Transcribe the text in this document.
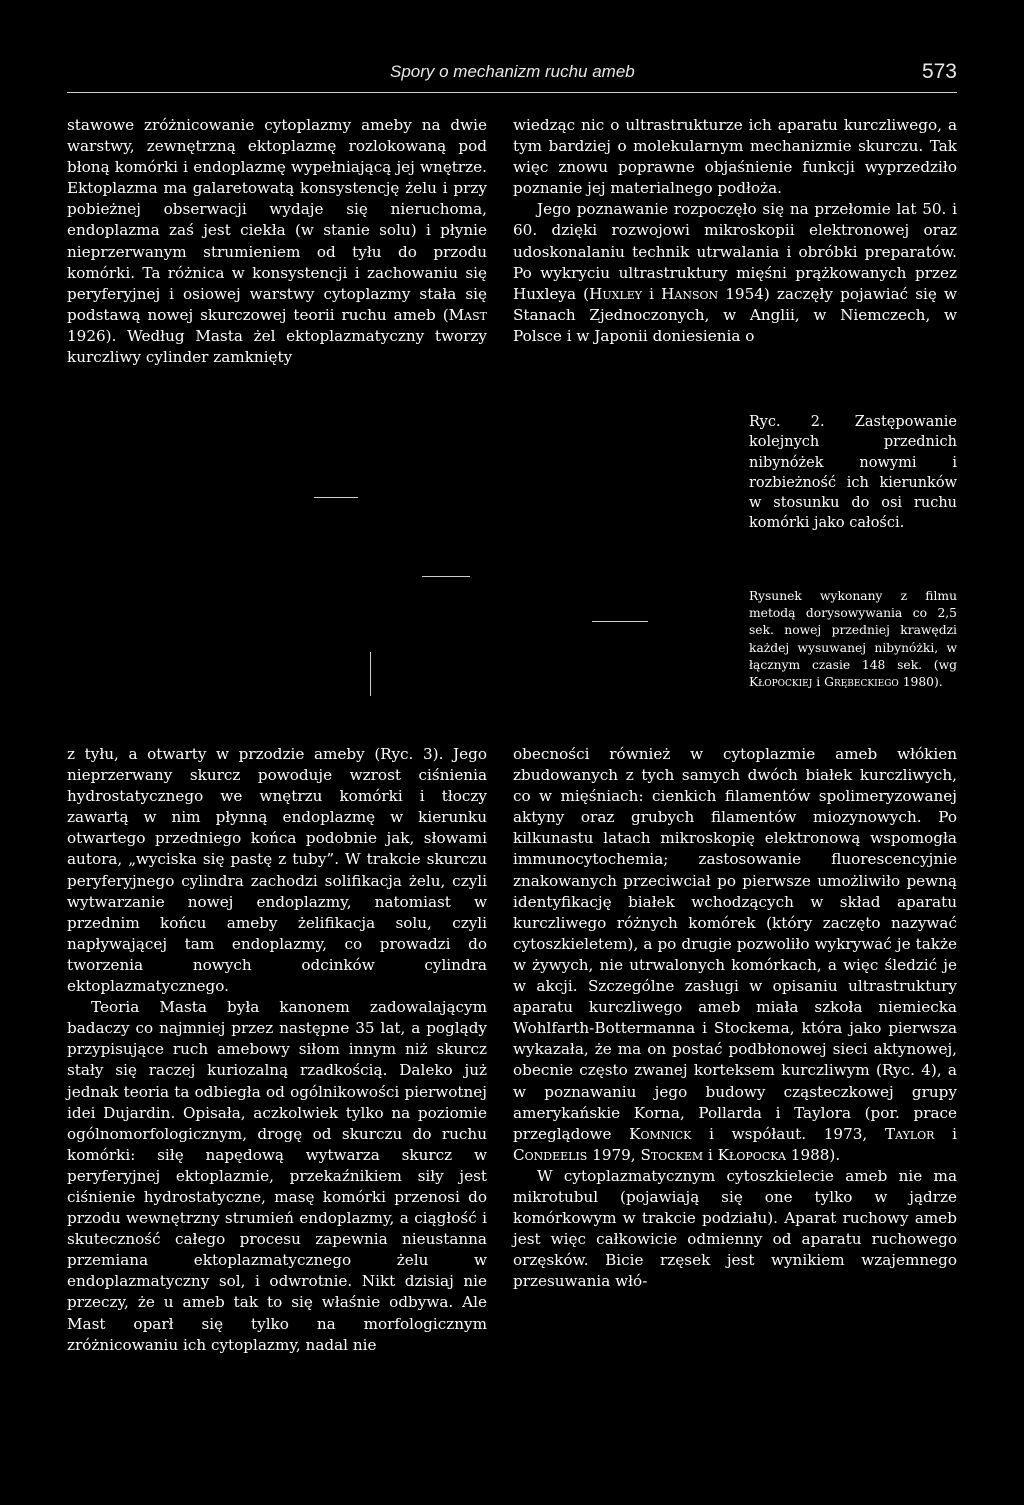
Spory o mechanizm ruchu ameb	573

stawowe zróżnicowanie cytoplazmy ameby na dwie warstwy, zewnętrzną ektoplazmę rozlokowaną pod błoną komórki i endoplazmę wypełniającą jej wnętrze. Ektoplazma ma galaretowatą konsystencję żelu i przy pobieżnej obserwacji wydaje się nieruchoma, endoplazma zaś jest ciekła (w stanie solu) i płynie nieprzerwanym strumieniem od tyłu do przodu komórki. Ta różnica w konsystencji i zachowaniu się peryferyjnej i osiowej warstwy cytoplazmy stała się podstawą nowej skurczowej teorii ruchu ameb (Mast 1926). Według Masta żel ektoplazmatyczny tworzy kurczliwy cylinder zamknięty

wiedząc nic o ultrastrukturze ich aparatu kurczliwego, a tym bardziej o molekularnym mechanizmie skurczu. Tak więc znowu poprawne objaśnienie funkcji wyprzedziło poznanie jej materialnego podłoża.

Jego poznawanie rozpoczęło się na przełomie lat 50. i 60. dzięki rozwojowi mikroskopii elektronowej oraz udoskonalaniu technik utrwalania i obróbki preparatów. Po wykryciu ultrastruktury mięśni prążkowanych przez Huxleya (Huxley i Hanson 1954) zaczęły pojawiać się w Stanach Zjednoczonych, w Anglii, w Niemczech, w Polsce i w Japonii doniesienia o

Ryc. 2. Zastępowanie kolejnych przednich nibynóżek nowymi i rozbieżność ich kierunków w stosunku do osi ruchu komórki jako całości.

Rysunek wykonany z filmu metodą dorysowywania co 2,5 sek. nowej przedniej krawędzi każdej wysuwanej nibynóżki, w łącznym czasie 148 sek. (wg Kłopockiej i Grębeckiego 1980).

z tyłu, a otwarty w przodzie ameby (Ryc. 3). Jego nieprzerwany skurcz powoduje wzrost ciśnienia hydrostatycznego we wnętrzu komórki i tłoczy zawartą w nim płynną endoplazmę w kierunku otwartego przedniego końca podobnie jak, słowami autora, „wyciska się pastę z tuby”. W trakcie skurczu peryferyjnego cylindra zachodzi solifikacja żelu, czyli wytwarzanie nowej endoplazmy, natomiast w przednim końcu ameby żelifikacja solu, czyli napływającej tam endoplazmy, co prowadzi do tworzenia nowych odcinków cylindra ektoplazmatycznego.

Teoria Masta była kanonem zadowalającym badaczy co najmniej przez następne 35 lat, a poglądy przypisujące ruch amebowy siłom innym niż skurcz stały się raczej kuriozalną rzadkością. Daleko już jednak teoria ta odbiegła od ogólnikowości pierwotnej idei Dujardin. Opisała, aczkolwiek tylko na poziomie ogólnomorfologicznym, drogę od skurczu do ruchu komórki: siłę napędową wytwarza skurcz w peryferyjnej ektoplazmie, przekaźnikiem siły jest ciśnienie hydrostatyczne, masę komórki przenosi do przodu wewnętrzny strumień endoplazmy, a ciągłość i skuteczność całego procesu zapewnia nieustanna przemiana ektoplazmatycznego żelu w endoplazmatyczny sol, i odwrotnie. Nikt dzisiaj nie przeczy, że u ameb tak to się właśnie odbywa. Ale Mast oparł się tylko na morfologicznym zróżnicowaniu ich cytoplazmy, nadal nie

obecności również w cytoplazmie ameb włókien zbudowanych z tych samych dwóch białek kurczliwych, co w mięśniach: cienkich filamentów spolimeryzowanej aktyny oraz grubych filamentów miozynowych. Po kilkunastu latach mikroskopię elektronową wspomogła immunocytochemia; zastosowanie fluorescencyjnie znakowanych przeciwciał po pierwsze umożliwiło pewną identyfikację białek wchodzących w skład aparatu kurczliwego różnych komórek (który zaczęto nazywać cytoszkieletem), a po drugie pozwoliło wykrywać je także w żywych, nie utrwalonych komórkach, a więc śledzić je w akcji. Szczególne zasługi w opisaniu ultrastruktury aparatu kurczliwego ameb miała szkoła niemiecka Wohlfarth-Bottermanna i Stockema, która jako pierwsza wykazała, że ma on postać podbłonowej sieci aktynowej, obecnie często zwanej korteksem kurczliwym (Ryc. 4), a w poznawaniu jego budowy cząsteczkowej grupy amerykańskie Korna, Pollarda i Taylora (por. prace przeglądowe Komnick i współaut. 1973, Taylor i Condeelis 1979, Stockem i Kłopocka 1988).

W cytoplazmatycznym cytoszkielecie ameb nie ma mikrotubul (pojawiają się one tylko w jądrze komórkowym w trakcie podziału). Aparat ruchowy ameb jest więc całkowicie odmienny od aparatu ruchowego orzęsków. Bicie rzęsek jest wynikiem wzajemnego przesuwania włó-
